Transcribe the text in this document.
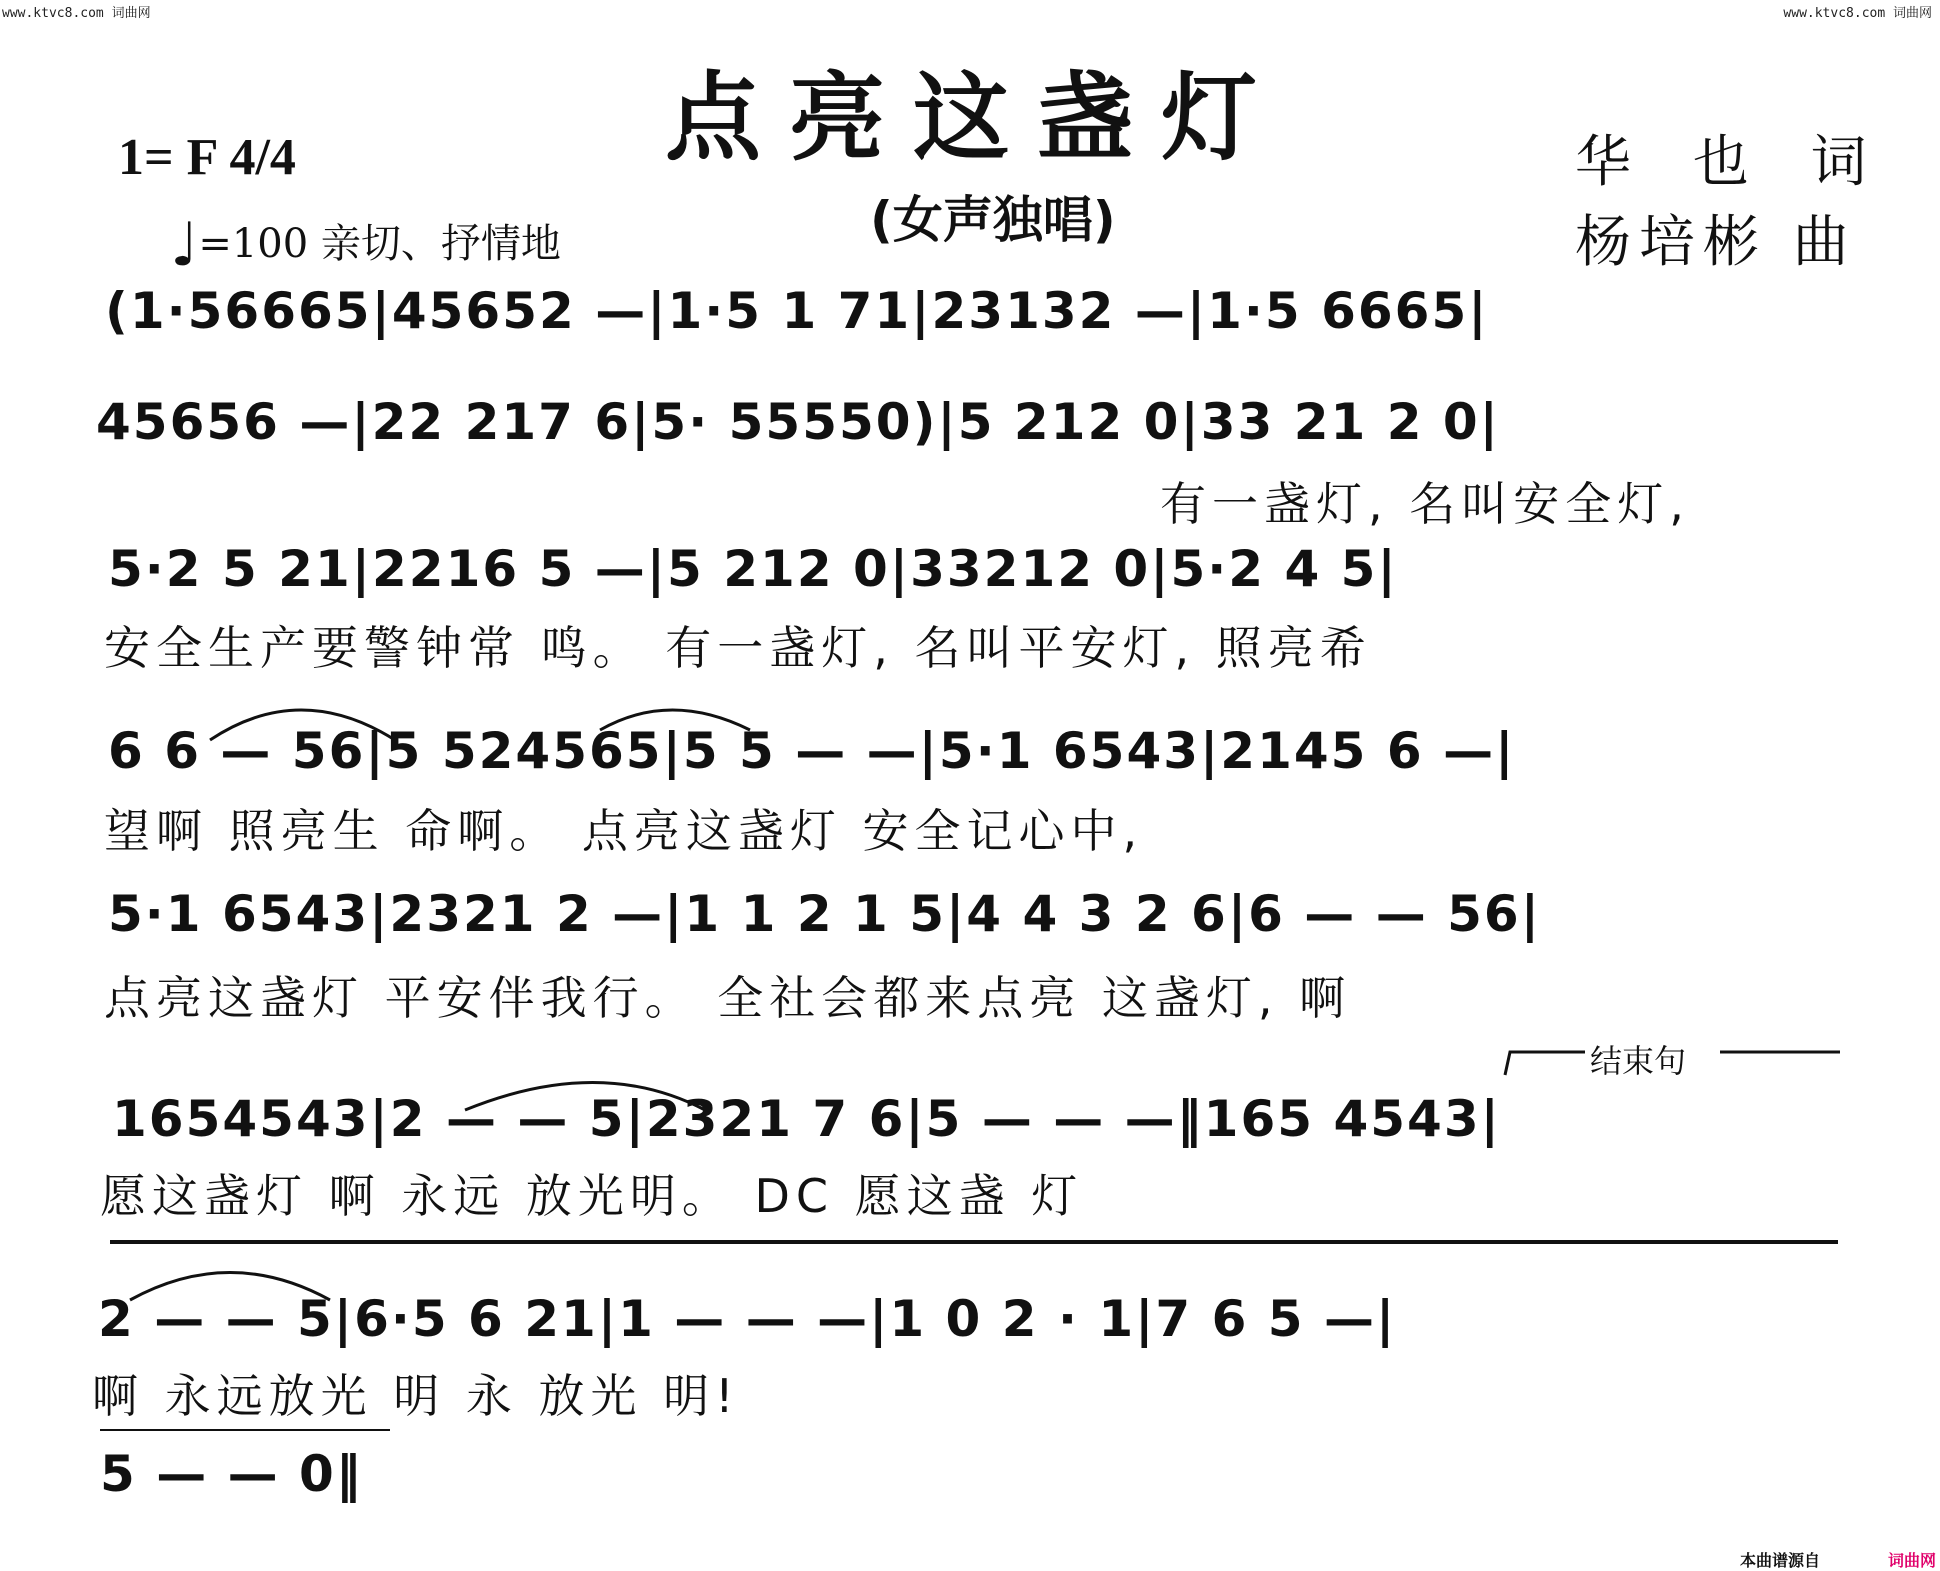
www.ktvc8.com 词曲网	www.ktvc8.com 词曲网
点亮这盏灯
(女声独唱)
1= F 4/4
♩=100 亲切、抒情地
华 也 词
杨培彬 曲
(1·56665|45652 —|1·5 1 71|23132 —|1·5 6665|
45656 —|22 217 6|5· 55550)|5 212 0|33 21 2 0|
有一盏灯, 名叫安全灯,
5·2 5 21|2216 5 —|5 212 0|33212 0|5·2 4 5|
安全生产要警钟常 鸣。 有一盏灯, 名叫平安灯, 照亮希
6 6 — 56|5 524565|5 5 — —|5·1 6543|2145 6 —|
望啊 照亮生 命啊。 点亮这盏灯 安全记心中,
5·1 6543|2321 2 —|1 1 2 1 5|4 4 3 2 6|6 — — 56|
点亮这盏灯 平安伴我行。 全社会都来点亮 这盏灯, 啊
结束句
1654543|2 — — 5|2321 7 6|5 — — —‖165 4543|
愿这盏灯 啊 永远 放光明。 DC 愿这盏 灯
2 — — 5|6·5 6 21|1 — — —|1 0 2 · 1|7 6 5 —|
啊 永远放光 明 永 放光 明!
5 — — 0‖
本曲谱源自	词曲网
